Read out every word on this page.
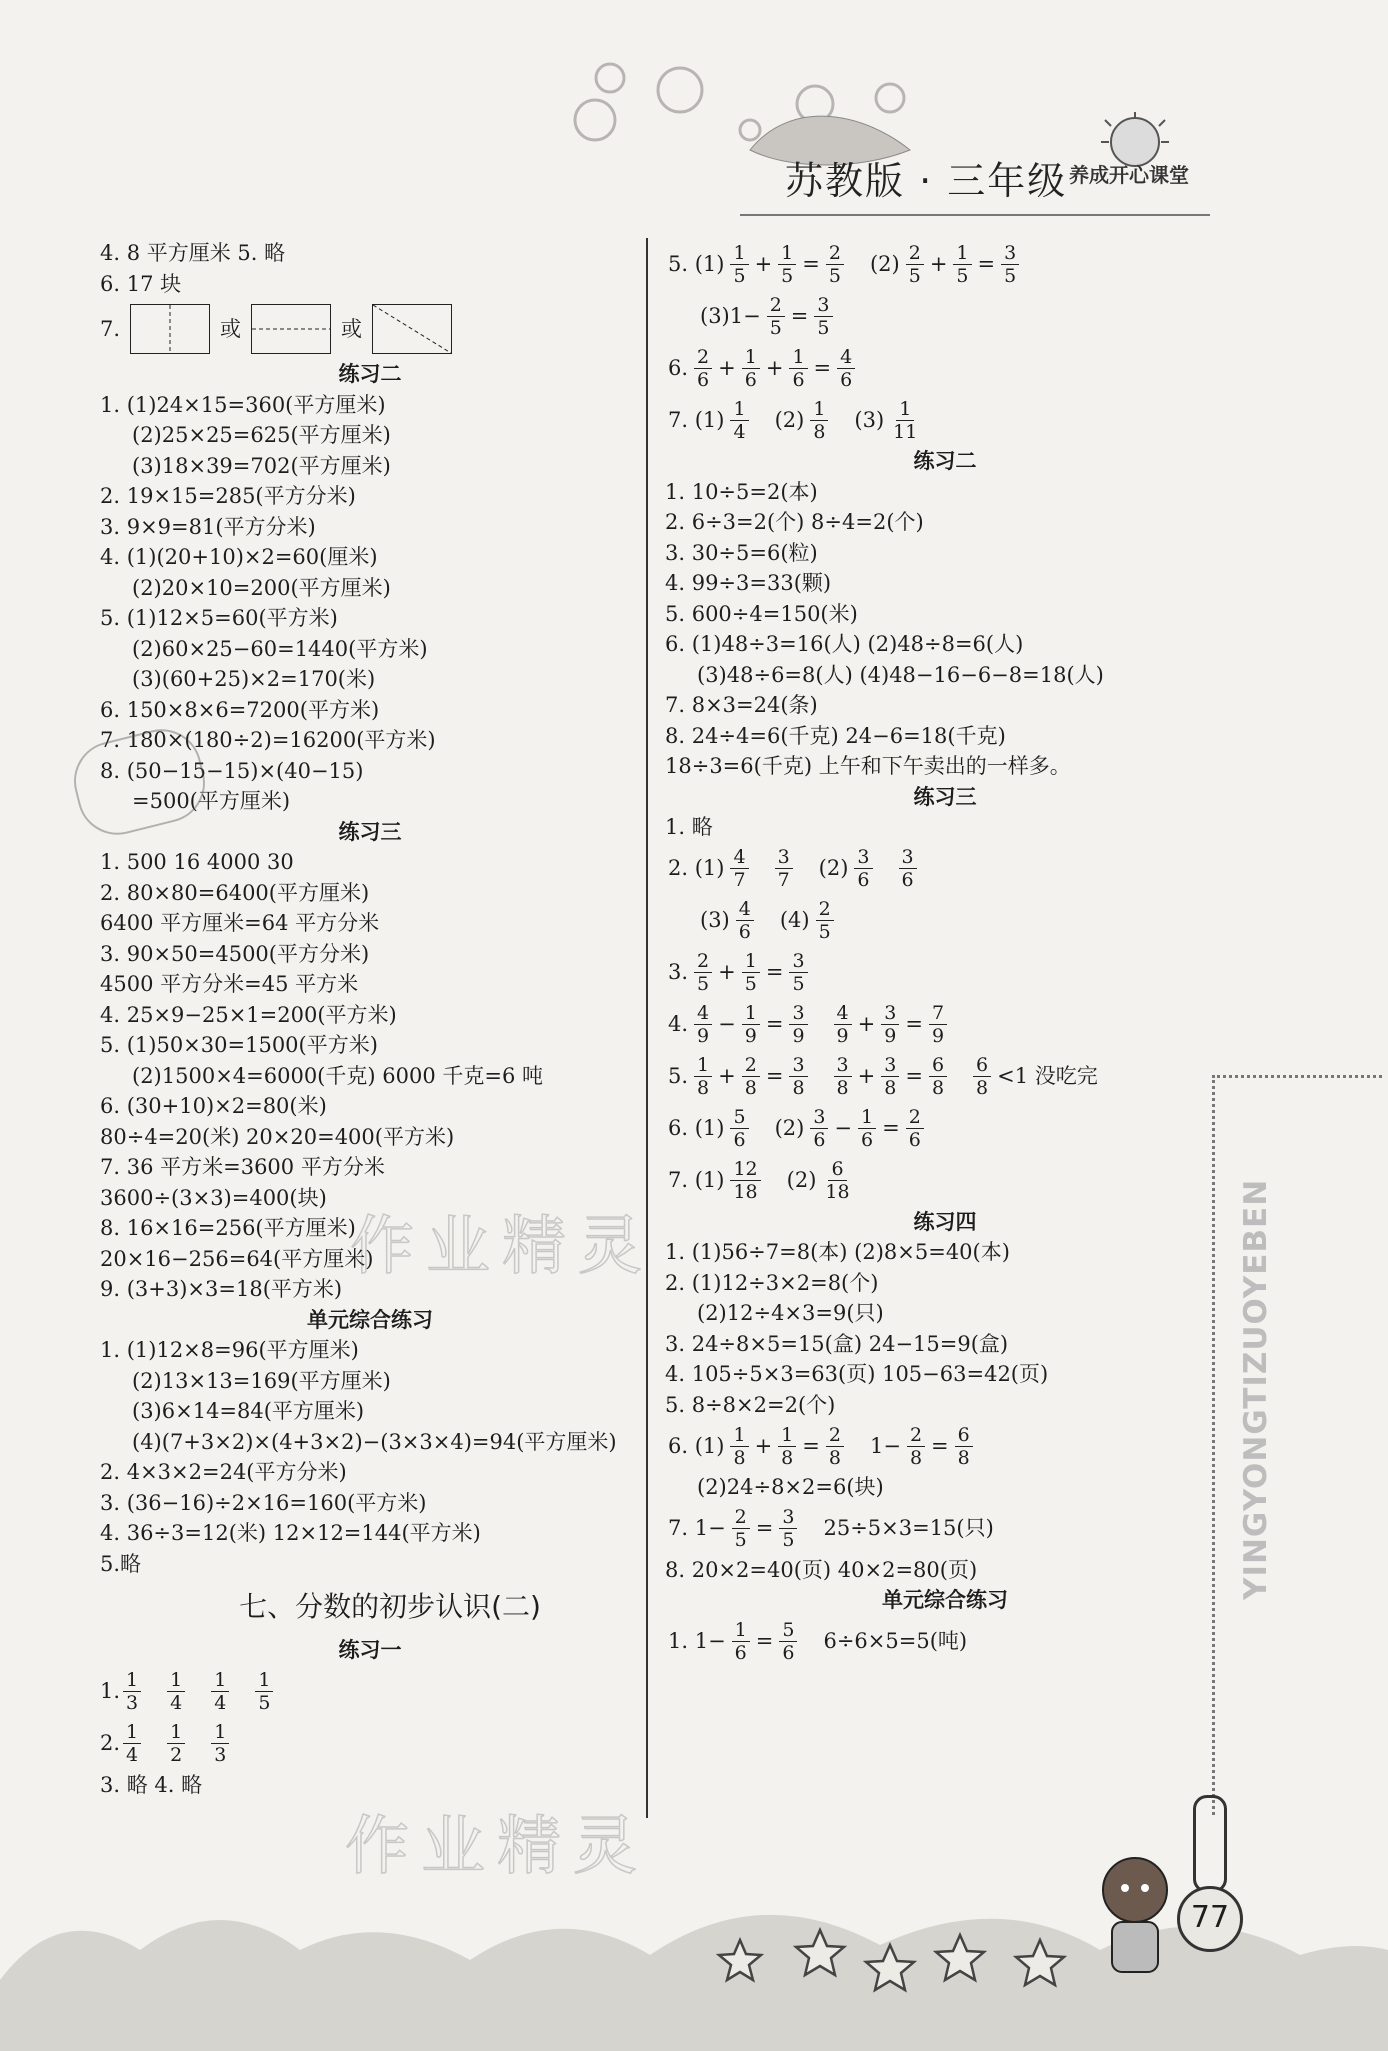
苏教版 · 三年级 养成开心课堂
4. 8 平方厘米 5. 略
6. 17 块
7.	或	或
练习二
1. (1)24×15=360(平方厘米)
(2)25×25=625(平方厘米)
(3)18×39=702(平方厘米)
2. 19×15=285(平方分米)
3. 9×9=81(平方分米)
4. (1)(20+10)×2=60(厘米)
(2)20×10=200(平方厘米)
5. (1)12×5=60(平方米)
(2)60×25−60=1440(平方米)
(3)(60+25)×2=170(米)
6. 150×8×6=7200(平方米)
7. 180×(180÷2)=16200(平方米)
8. (50−15−15)×(40−15)
=500(平方厘米)
练习三
1. 500 16 4000 30
2. 80×80=6400(平方厘米)
6400 平方厘米=64 平方分米
3. 90×50=4500(平方分米)
4500 平方分米=45 平方米
4. 25×9−25×1=200(平方米)
5. (1)50×30=1500(平方米)
(2)1500×4=6000(千克) 6000 千克=6 吨
6. (30+10)×2=80(米)
80÷4=20(米) 20×20=400(平方米)
7. 36 平方米=3600 平方分米
3600÷(3×3)=400(块)
8. 16×16=256(平方厘米)
20×16−256=64(平方厘米)
9. (3+3)×3=18(平方米)
单元综合练习
1. (1)12×8=96(平方厘米)
(2)13×13=169(平方厘米)
(3)6×14=84(平方厘米)
(4)(7+3×2)×(4+3×2)−(3×3×4)=94(平方厘米)
2. 4×3×2=24(平方分米)
3. (36−16)÷2×16=160(平方米)
4. 36÷3=12(米) 12×12=144(平方米)
5.略
七、分数的初步认识(二)
练习一
1. $\frac{1}{3} \frac{1}{4} \frac{1}{4} \frac{1}{5}$
2. $\frac{1}{4} \frac{1}{2} \frac{1}{3}$
3. 略 4. 略
5. $(1) \frac{1}{5} + \frac{1}{5} = \frac{2}{5} (2) \frac{2}{5} + \frac{1}{5} = \frac{3}{5}$
$(3)1- \frac{2}{5} = \frac{3}{5}$
6. $\frac{2}{6} + \frac{1}{6} + \frac{1}{6} = \frac{4}{6}$
7. $(1) \frac{1}{4} (2) \frac{1}{8} (3) \frac{1}{11}$
练习二
1. 10÷5=2(本)
2. 6÷3=2(个) 8÷4=2(个)
3. 30÷5=6(粒)
4. 99÷3=33(颗)
5. 600÷4=150(米)
6. (1)48÷3=16(人) (2)48÷8=6(人)
(3)48÷6=8(人) (4)48−16−6−8=18(人)
7. 8×3=24(条)
8. 24÷4=6(千克) 24−6=18(千克)
18÷3=6(千克) 上午和下午卖出的一样多。
练习三
1. 略
2. $(1) \frac{4}{7} \frac{3}{7} (2) \frac{3}{6} \frac{3}{6}$
$(3) \frac{4}{6} (4) \frac{2}{5}$
3. $\frac{2}{5} + \frac{1}{5} = \frac{3}{5}$
4. $\frac{4}{9} - \frac{1}{9} = \frac{3}{9} \frac{4}{9} + \frac{3}{9} = \frac{7}{9}$
5. $\frac{1}{8} + \frac{2}{8} = \frac{3}{8} \frac{3}{8} + \frac{3}{8} = \frac{6}{8} \frac{6}{8} <1$ 没吃完
6. $(1) \frac{5}{6} (2) \frac{3}{6} - \frac{1}{6} = \frac{2}{6}$
7. $(1) \frac{12}{18} (2) \frac{6}{18}$
练习四
1. (1)56÷7=8(本) (2)8×5=40(本)
2. (1)12÷3×2=8(个)
(2)12÷4×3=9(只)
3. 24÷8×5=15(盒) 24−15=9(盒)
4. 105÷5×3=63(页) 105−63=42(页)
5. 8÷8×2=2(个)
6. $(1) \frac{1}{8} + \frac{1}{8} = \frac{2}{8} 1- \frac{2}{8} = \frac{6}{8}$
(2)24÷8×2=6(块)
7. $1- \frac{2}{5} = \frac{3}{5} 25\div 5\times 3=15$(只)
8. 20×2=40(页) 40×2=80(页)
单元综合练习
1. $1- \frac{1}{6} = \frac{5}{6} 6\div 6\times 5=5$(吨)
YINGYONGTIZUOYEBEN
作业精灵
作业精灵
77
